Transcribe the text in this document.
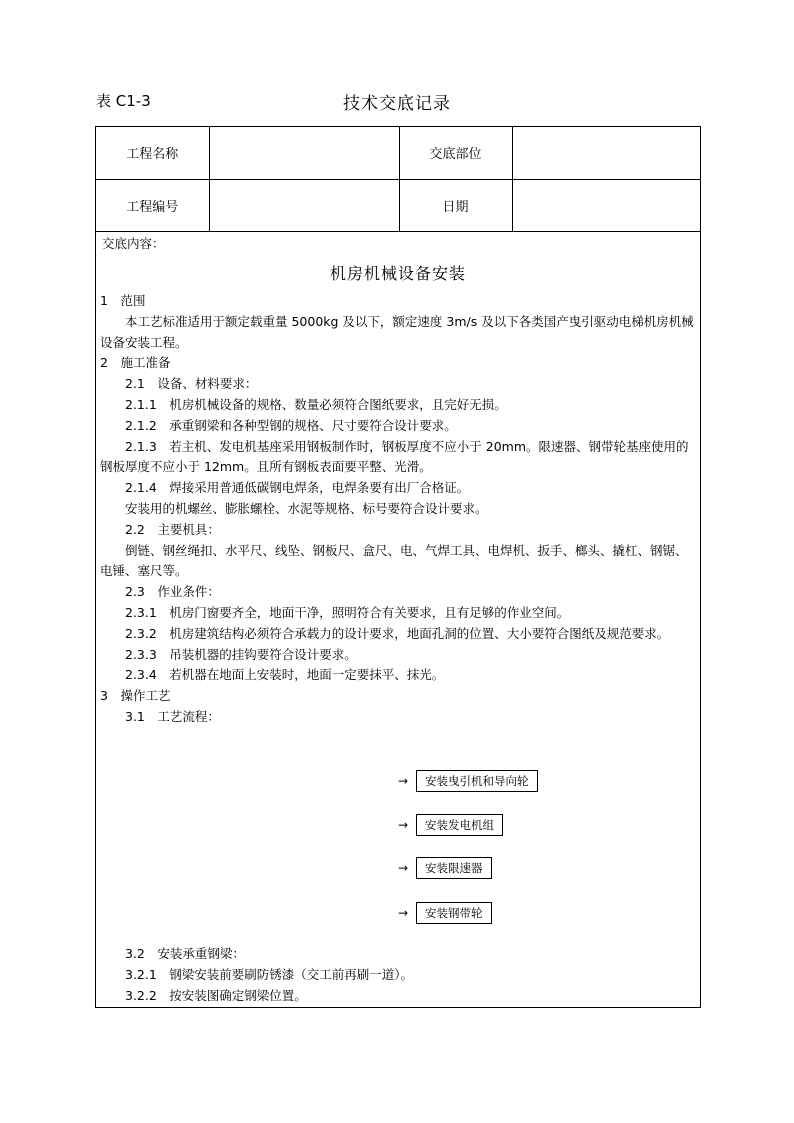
表 C1-3	技术交底记录
工程名称		交底部位	
工程编号		日期	
交底内容：
机房机械设备安装

1　范围

本工艺标准适用于额定载重量 5000kg 及以下，额定速度 3m/s 及以下各类国产曳引驱动电梯机房机械设备安装工程。

2　施工准备

2.1　设备、材料要求：

2.1.1　机房机械设备的规格、数量必须符合图纸要求，且完好无损。

2.1.2　承重钢梁和各种型钢的规格、尺寸要符合设计要求。

2.1.3　若主机、发电机基座采用钢板制作时，钢板厚度不应小于 20mm。限速器、钢带轮基座使用的钢板厚度不应小于 12mm。且所有钢板表面要平整、光滑。

2.1.4　焊接采用普通低碳钢电焊条，电焊条要有出厂合格证。

安装用的机螺丝、膨胀螺栓、水泥等规格、标号要符合设计要求。

2.2　主要机具：

倒链、钢丝绳扣、水平尺、线坠、钢板尺、盒尺、电、气焊工具、电焊机、扳手、榔头、撬杠、钢锯、电锤、塞尺等。

2.3　作业条件：

2.3.1　机房门窗要齐全，地面干净，照明符合有关要求，且有足够的作业空间。

2.3.2　机房建筑结构必须符合承载力的设计要求，地面孔洞的位置、大小要符合图纸及规范要求。

2.3.3　吊装机器的挂钩要符合设计要求。

2.3.4　若机器在地面上安装时，地面一定要抹平、抹光。

3　操作工艺

3.1　工艺流程：

→	安装曳引机和导向轮
→	安装发电机组
→	安装限速器
→	安装钢带轮

3.2　安装承重钢梁：

3.2.1　钢梁安装前要刷防锈漆（交工前再刷一道）。

3.2.2　按安装图确定钢梁位置。
